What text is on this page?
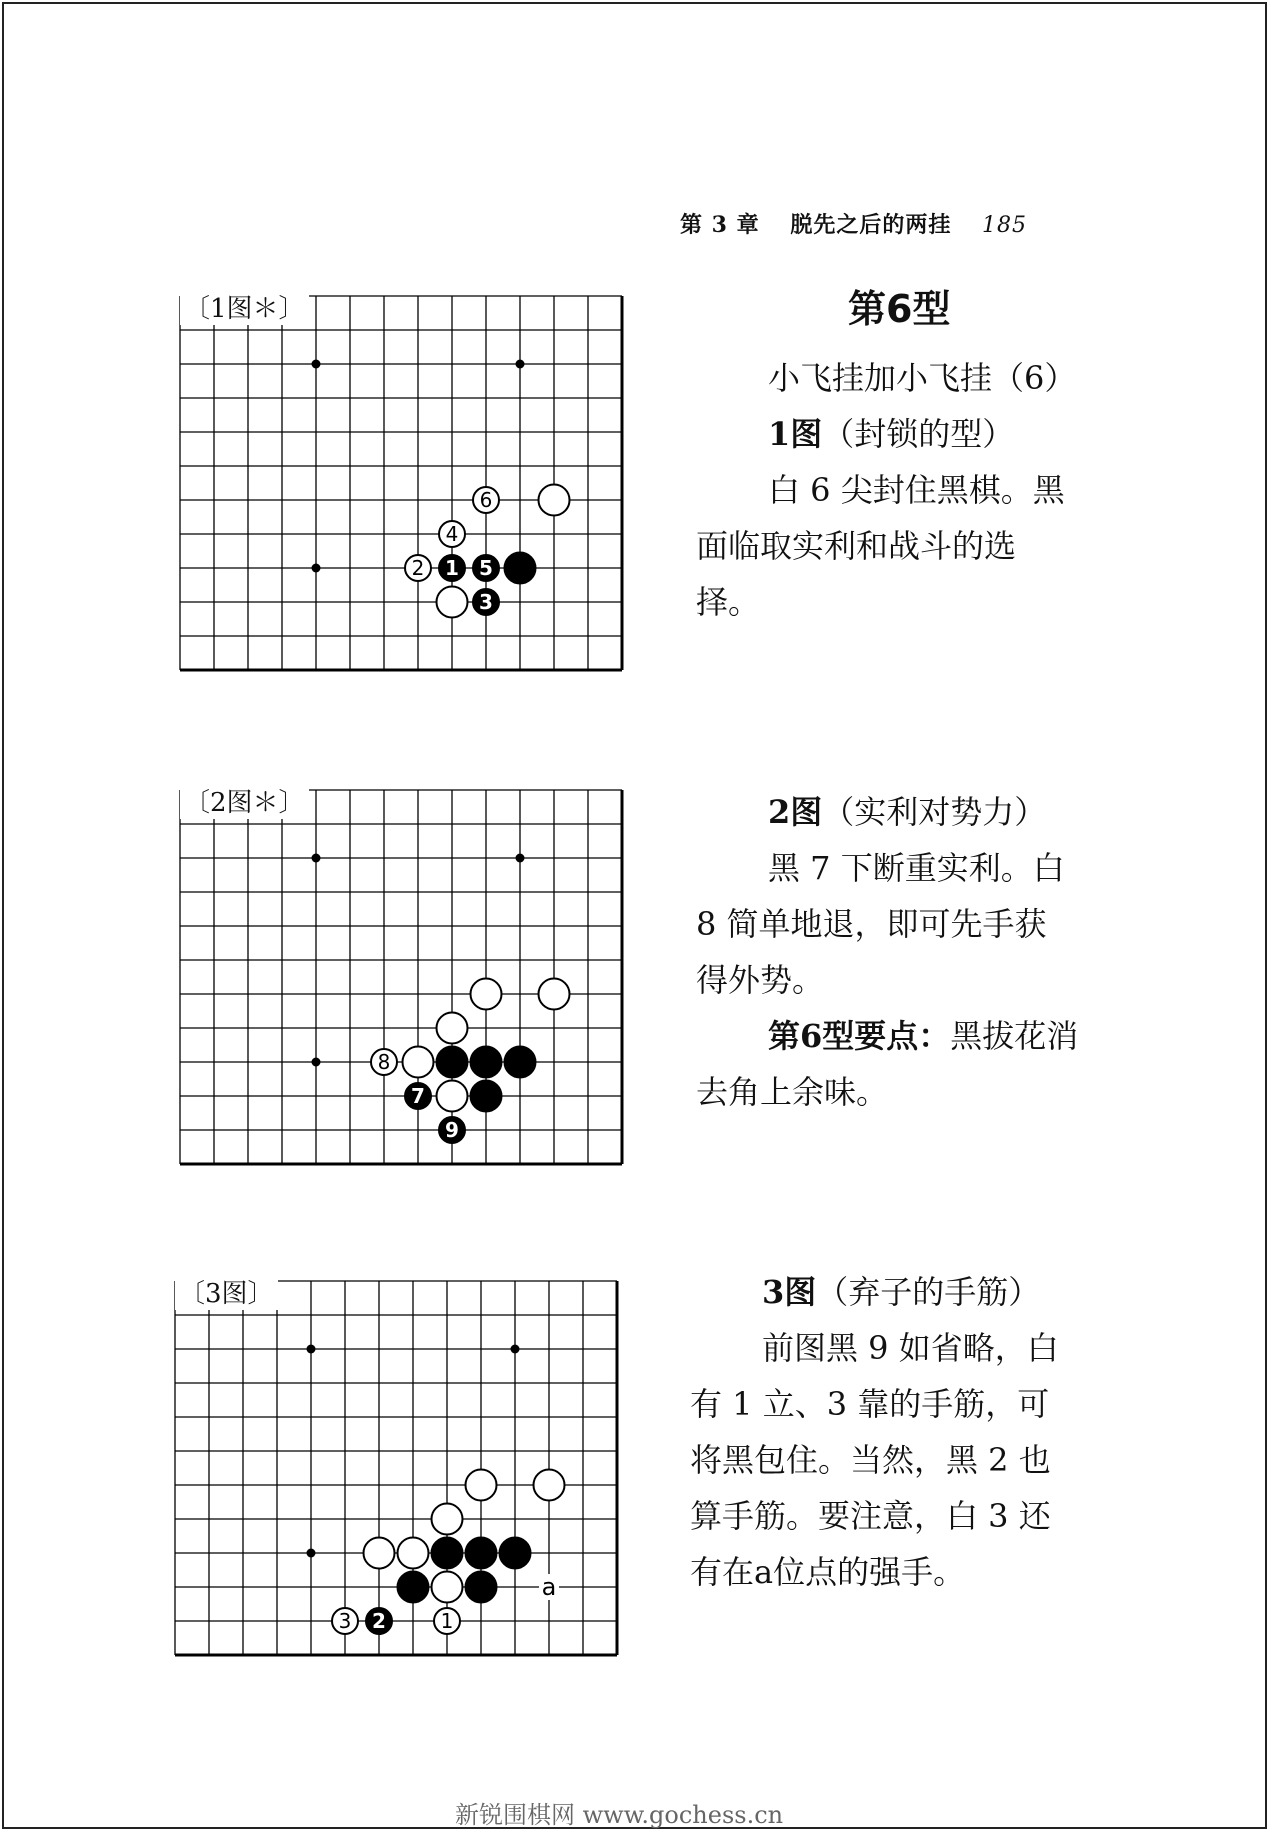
第 3 章 脱先之后的两挂 185
第6型
6
4
2 1 5
3
〔1图＊〕
8
7
9
〔2图＊〕
3 2	1
a
〔3图〕

小飞挂加小飞挂（6）

1图（封锁的型）

白 6 尖封住黑棋。黑

面临取实利和战斗的选

择。

2图（实利对势力）

黑 7 下断重实利。白

8 简单地退，即可先手获

得外势。

第6型要点：黑拔花消

去角上余味。

3图（弃子的手筋）

前图黑 9 如省略，白

有 1 立、3 靠的手筋，可

将黑包住。当然，黑 2 也

算手筋。要注意，白 3 还

有在a位点的强手。

新锐围棋网 www.gochess.cn
